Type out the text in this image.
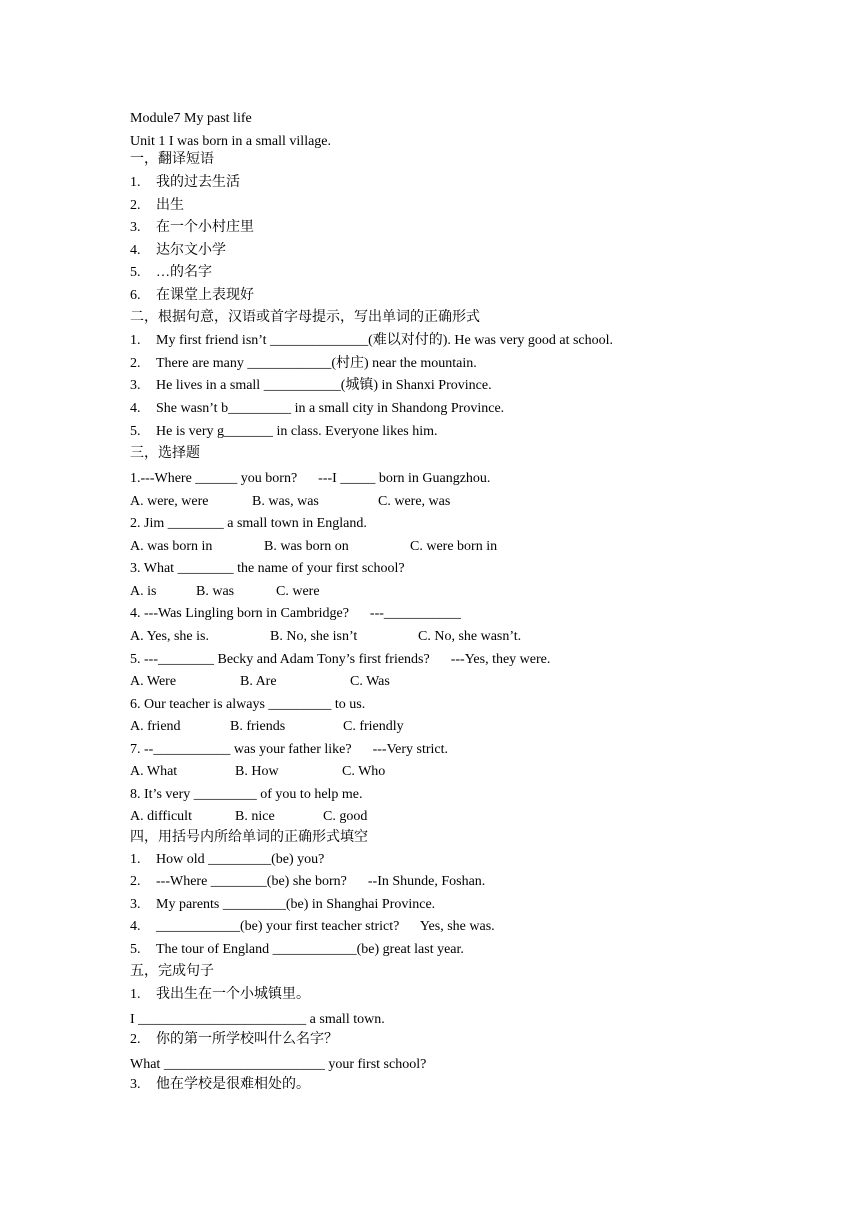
Module7 My past life
Unit 1 I was born in a small village.
一，翻译短语
1. 我的过去生活
2. 出生
3. 在一个小村庄里
4. 达尔文小学
5. …的名字
6. 在课堂上表现好
二，根据句意，汉语或首字母提示，写出单词的正确形式
1. My first friend isn’t ______________(难以对付的). He was very good at school.
2. There are many ____________(村庄) near the mountain.
3. He lives in a small ___________(城镇) in Shanxi Province.
4. She wasn’t b_________ in a small city in Shandong Province.
5. He is very g_______ in class. Everyone likes him.
三，选择题
1.---Where ______ you born?      ---I _____ born in Guangzhou.
A. were, were	B. was, was	C. were, was
2. Jim ________ a small town in England.
A. was born in	B. was born on	C. were born in
3. What ________ the name of your first school?
A. is	B. was	C. were
4. ---Was Lingling born in Cambridge?      ---___________
A. Yes, she is.	B. No, she isn’t	C. No, she wasn’t.
5. ---________ Becky and Adam Tony’s first friends?      ---Yes, they were.
A. Were	B. Are	C. Was
6. Our teacher is always _________ to us.
A. friend	B. friends	C. friendly
7. --___________ was your father like?      ---Very strict.
A. What	B. How	C. Who
8. It’s very _________ of you to help me.
A. difficult	B. nice	C. good
四，用括号内所给单词的正确形式填空
1. How old _________(be) you?
2. ---Where ________(be) she born?      --In Shunde, Foshan.
3. My parents _________(be) in Shanghai Province.
4. ____________(be) your first teacher strict?      Yes, she was.
5. The tour of England ____________(be) great last year.
五，完成句子
1. 我出生在一个小城镇里。
I ________________________ a small town.
2. 你的第一所学校叫什么名字？
What _______________________ your first school?
3. 他在学校是很难相处的。
